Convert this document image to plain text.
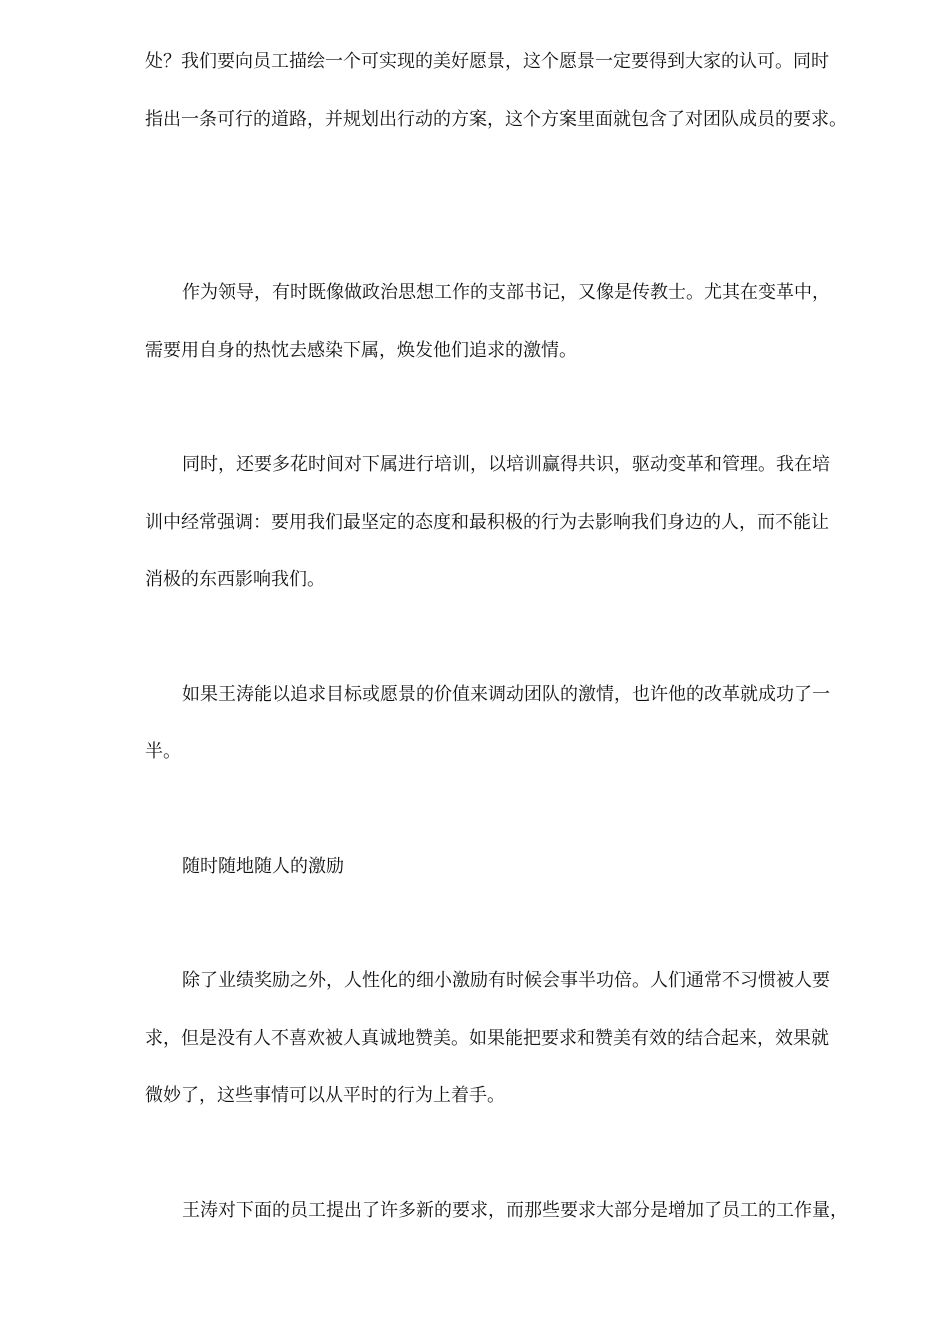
处？我们要向员工描绘一个可实现的美好愿景，这个愿景一定要得到大家的认可。同时

指出一条可行的道路，并规划出行动的方案，这个方案里面就包含了对团队成员的要求。

作为领导，有时既像做政治思想工作的支部书记，又像是传教士。尤其在变革中，

需要用自身的热忱去感染下属，焕发他们追求的激情。

同时，还要多花时间对下属进行培训，以培训赢得共识，驱动变革和管理。我在培

训中经常强调：要用我们最坚定的态度和最积极的行为去影响我们身边的人，而不能让

消极的东西影响我们。

如果王涛能以追求目标或愿景的价值来调动团队的激情，也许他的改革就成功了一

半。

随时随地随人的激励

除了业绩奖励之外，人性化的细小激励有时候会事半功倍。人们通常不习惯被人要

求，但是没有人不喜欢被人真诚地赞美。如果能把要求和赞美有效的结合起来，效果就

微妙了，这些事情可以从平时的行为上着手。

王涛对下面的员工提出了许多新的要求，而那些要求大部分是增加了员工的工作量，
